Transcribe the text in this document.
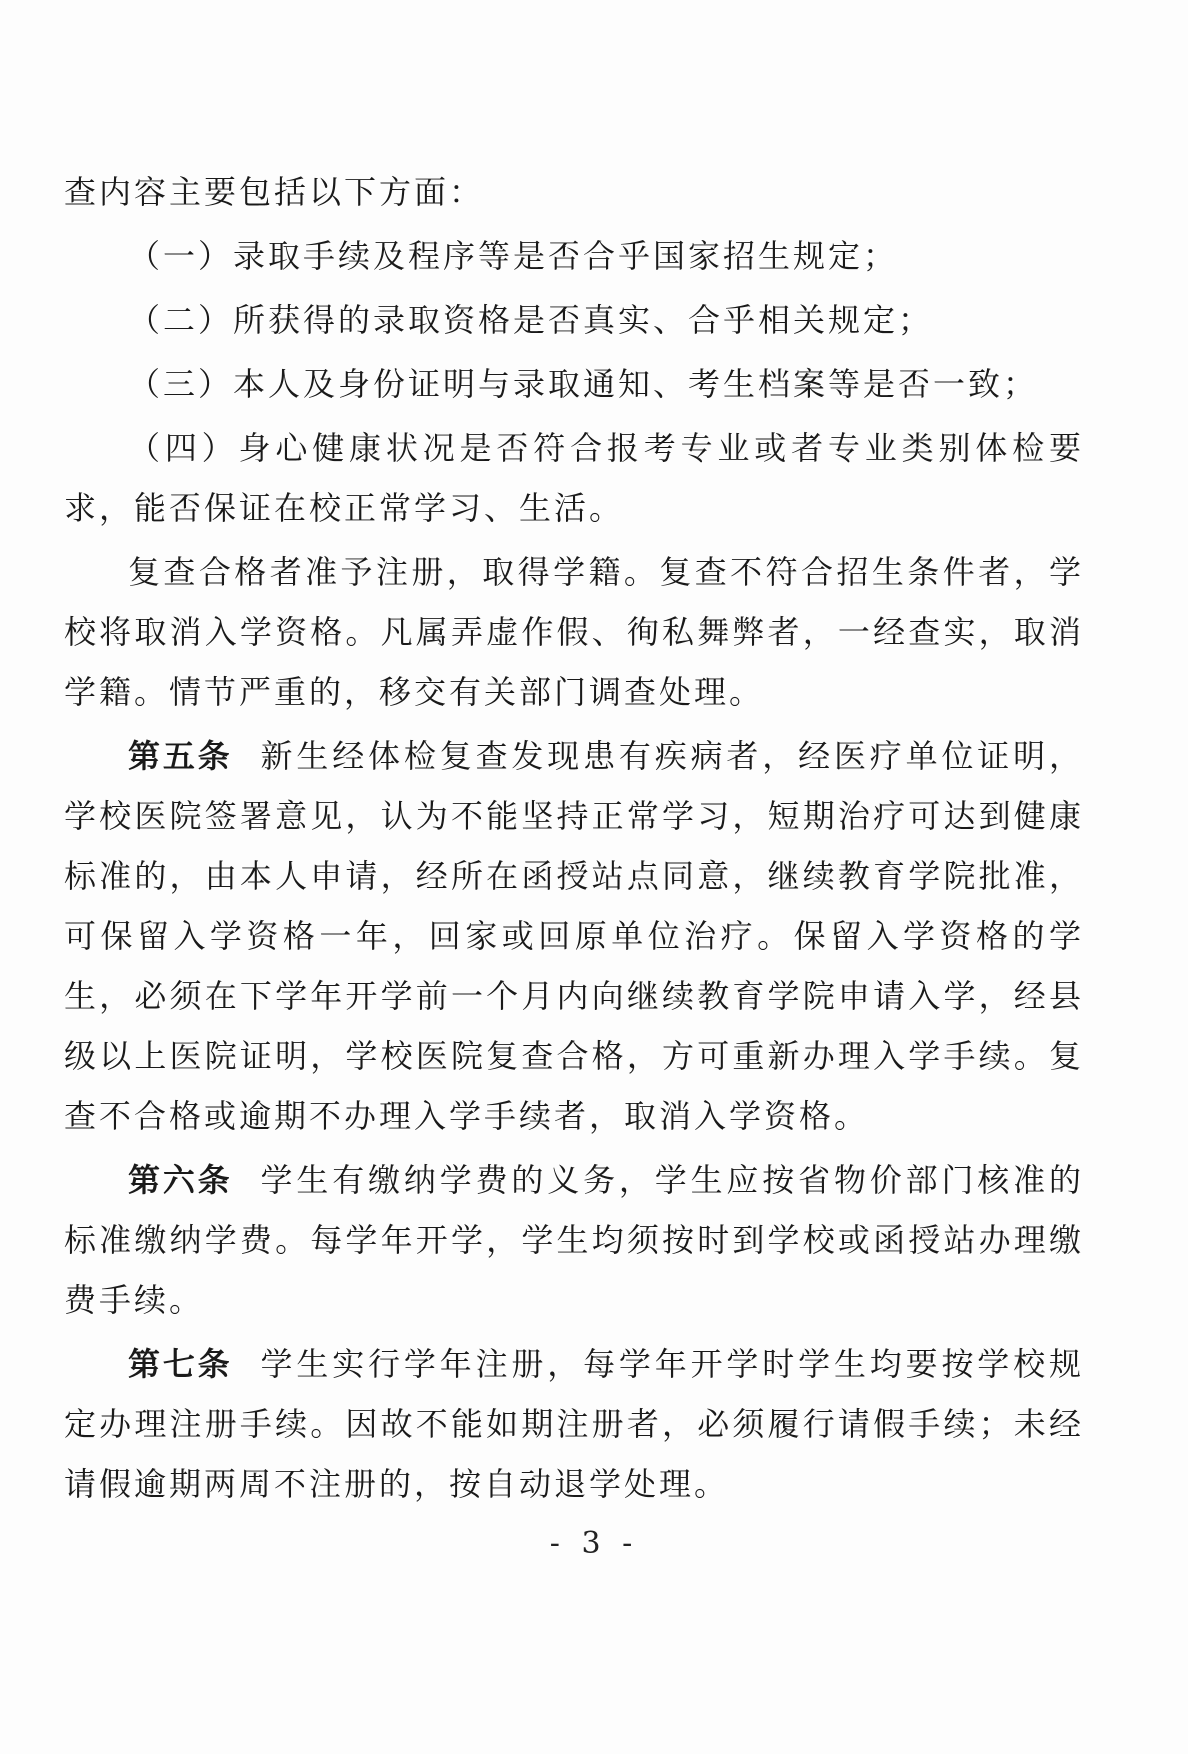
查内容主要包括以下方面：

（一）录取手续及程序等是否合乎国家招生规定；

（二）所获得的录取资格是否真实、合乎相关规定；

（三）本人及身份证明与录取通知、考生档案等是否一致；

（四）身心健康状况是否符合报考专业或者专业类别体检要求，能否保证在校正常学习、生活。

复查合格者准予注册，取得学籍。复查不符合招生条件者，学校将取消入学资格。凡属弄虚作假、徇私舞弊者，一经查实，取消学籍。情节严重的，移交有关部门调查处理。

第五条 新生经体检复查发现患有疾病者，经医疗单位证明，学校医院签署意见，认为不能坚持正常学习，短期治疗可达到健康标准的，由本人申请，经所在函授站点同意，继续教育学院批准，可保留入学资格一年，回家或回原单位治疗。保留入学资格的学生，必须在下学年开学前一个月内向继续教育学院申请入学，经县级以上医院证明，学校医院复查合格，方可重新办理入学手续。复查不合格或逾期不办理入学手续者，取消入学资格。

第六条 学生有缴纳学费的义务，学生应按省物价部门核准的标准缴纳学费。每学年开学，学生均须按时到学校或函授站办理缴费手续。

第七条 学生实行学年注册，每学年开学时学生均要按学校规定办理注册手续。因故不能如期注册者，必须履行请假手续；未经请假逾期两周不注册的，按自动退学处理。

- 3 -
